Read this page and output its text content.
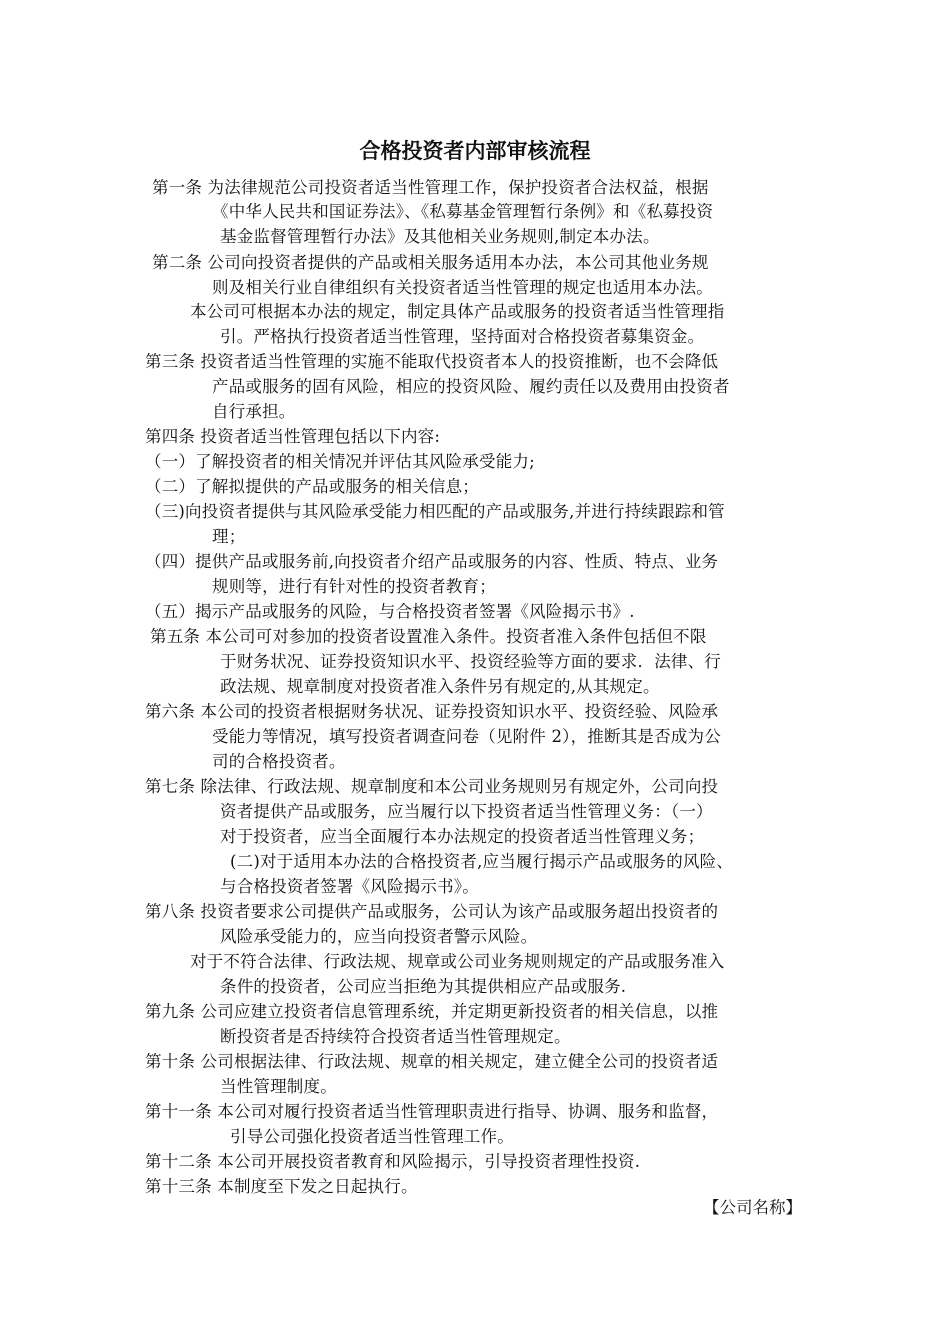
合格投资者内部审核流程
第一条 为法律规范公司投资者适当性管理工作，保护投资者合法权益，根据
《中华人民共和国证券法》、《私募基金管理暂行条例》和《私募投资
基金监督管理暂行办法》及其他相关业务规则,制定本办法。
第二条 公司向投资者提供的产品或相关服务适用本办法，本公司其他业务规
则及相关行业自律组织有关投资者适当性管理的规定也适用本办法。
本公司可根据本办法的规定，制定具体产品或服务的投资者适当性管理指
引。严格执行投资者适当性管理，坚持面对合格投资者募集资金。
第三条 投资者适当性管理的实施不能取代投资者本人的投资推断，也不会降低
产品或服务的固有风险，相应的投资风险、履约责任以及费用由投资者
自行承担。
第四条 投资者适当性管理包括以下内容:
（一）了解投资者的相关情况并评估其风险承受能力;
（二）了解拟提供的产品或服务的相关信息；
（三)向投资者提供与其风险承受能力相匹配的产品或服务,并进行持续跟踪和管
理；
（四）提供产品或服务前,向投资者介绍产品或服务的内容、性质、特点、业务
规则等，进行有针对性的投资者教育；
（五）揭示产品或服务的风险，与合格投资者签署《风险揭示书》.
第五条 本公司可对参加的投资者设置准入条件。投资者准入条件包括但不限
于财务状况、证券投资知识水平、投资经验等方面的要求．法律、行
政法规、规章制度对投资者准入条件另有规定的,从其规定。
第六条 本公司的投资者根据财务状况、证券投资知识水平、投资经验、风险承
受能力等情况，填写投资者调查问卷（见附件 2），推断其是否成为公
司的合格投资者。
第七条 除法律、行政法规、规章制度和本公司业务规则另有规定外，公司向投
资者提供产品或服务，应当履行以下投资者适当性管理义务：（一）
对于投资者，应当全面履行本办法规定的投资者适当性管理义务；
(二)对于适用本办法的合格投资者,应当履行揭示产品或服务的风险、
与合格投资者签署《风险揭示书》。
第八条 投资者要求公司提供产品或服务，公司认为该产品或服务超出投资者的
风险承受能力的，应当向投资者警示风险。
对于不符合法律、行政法规、规章或公司业务规则规定的产品或服务准入
条件的投资者，公司应当拒绝为其提供相应产品或服务.
第九条 公司应建立投资者信息管理系统，并定期更新投资者的相关信息，以推
断投资者是否持续符合投资者适当性管理规定。
第十条 公司根据法律、行政法规、规章的相关规定，建立健全公司的投资者适
当性管理制度。
第十一条 本公司对履行投资者适当性管理职责进行指导、协调、服务和监督，
引导公司强化投资者适当性管理工作。
第十二条 本公司开展投资者教育和风险揭示，引导投资者理性投资.
第十三条 本制度至下发之日起执行。
【公司名称】
